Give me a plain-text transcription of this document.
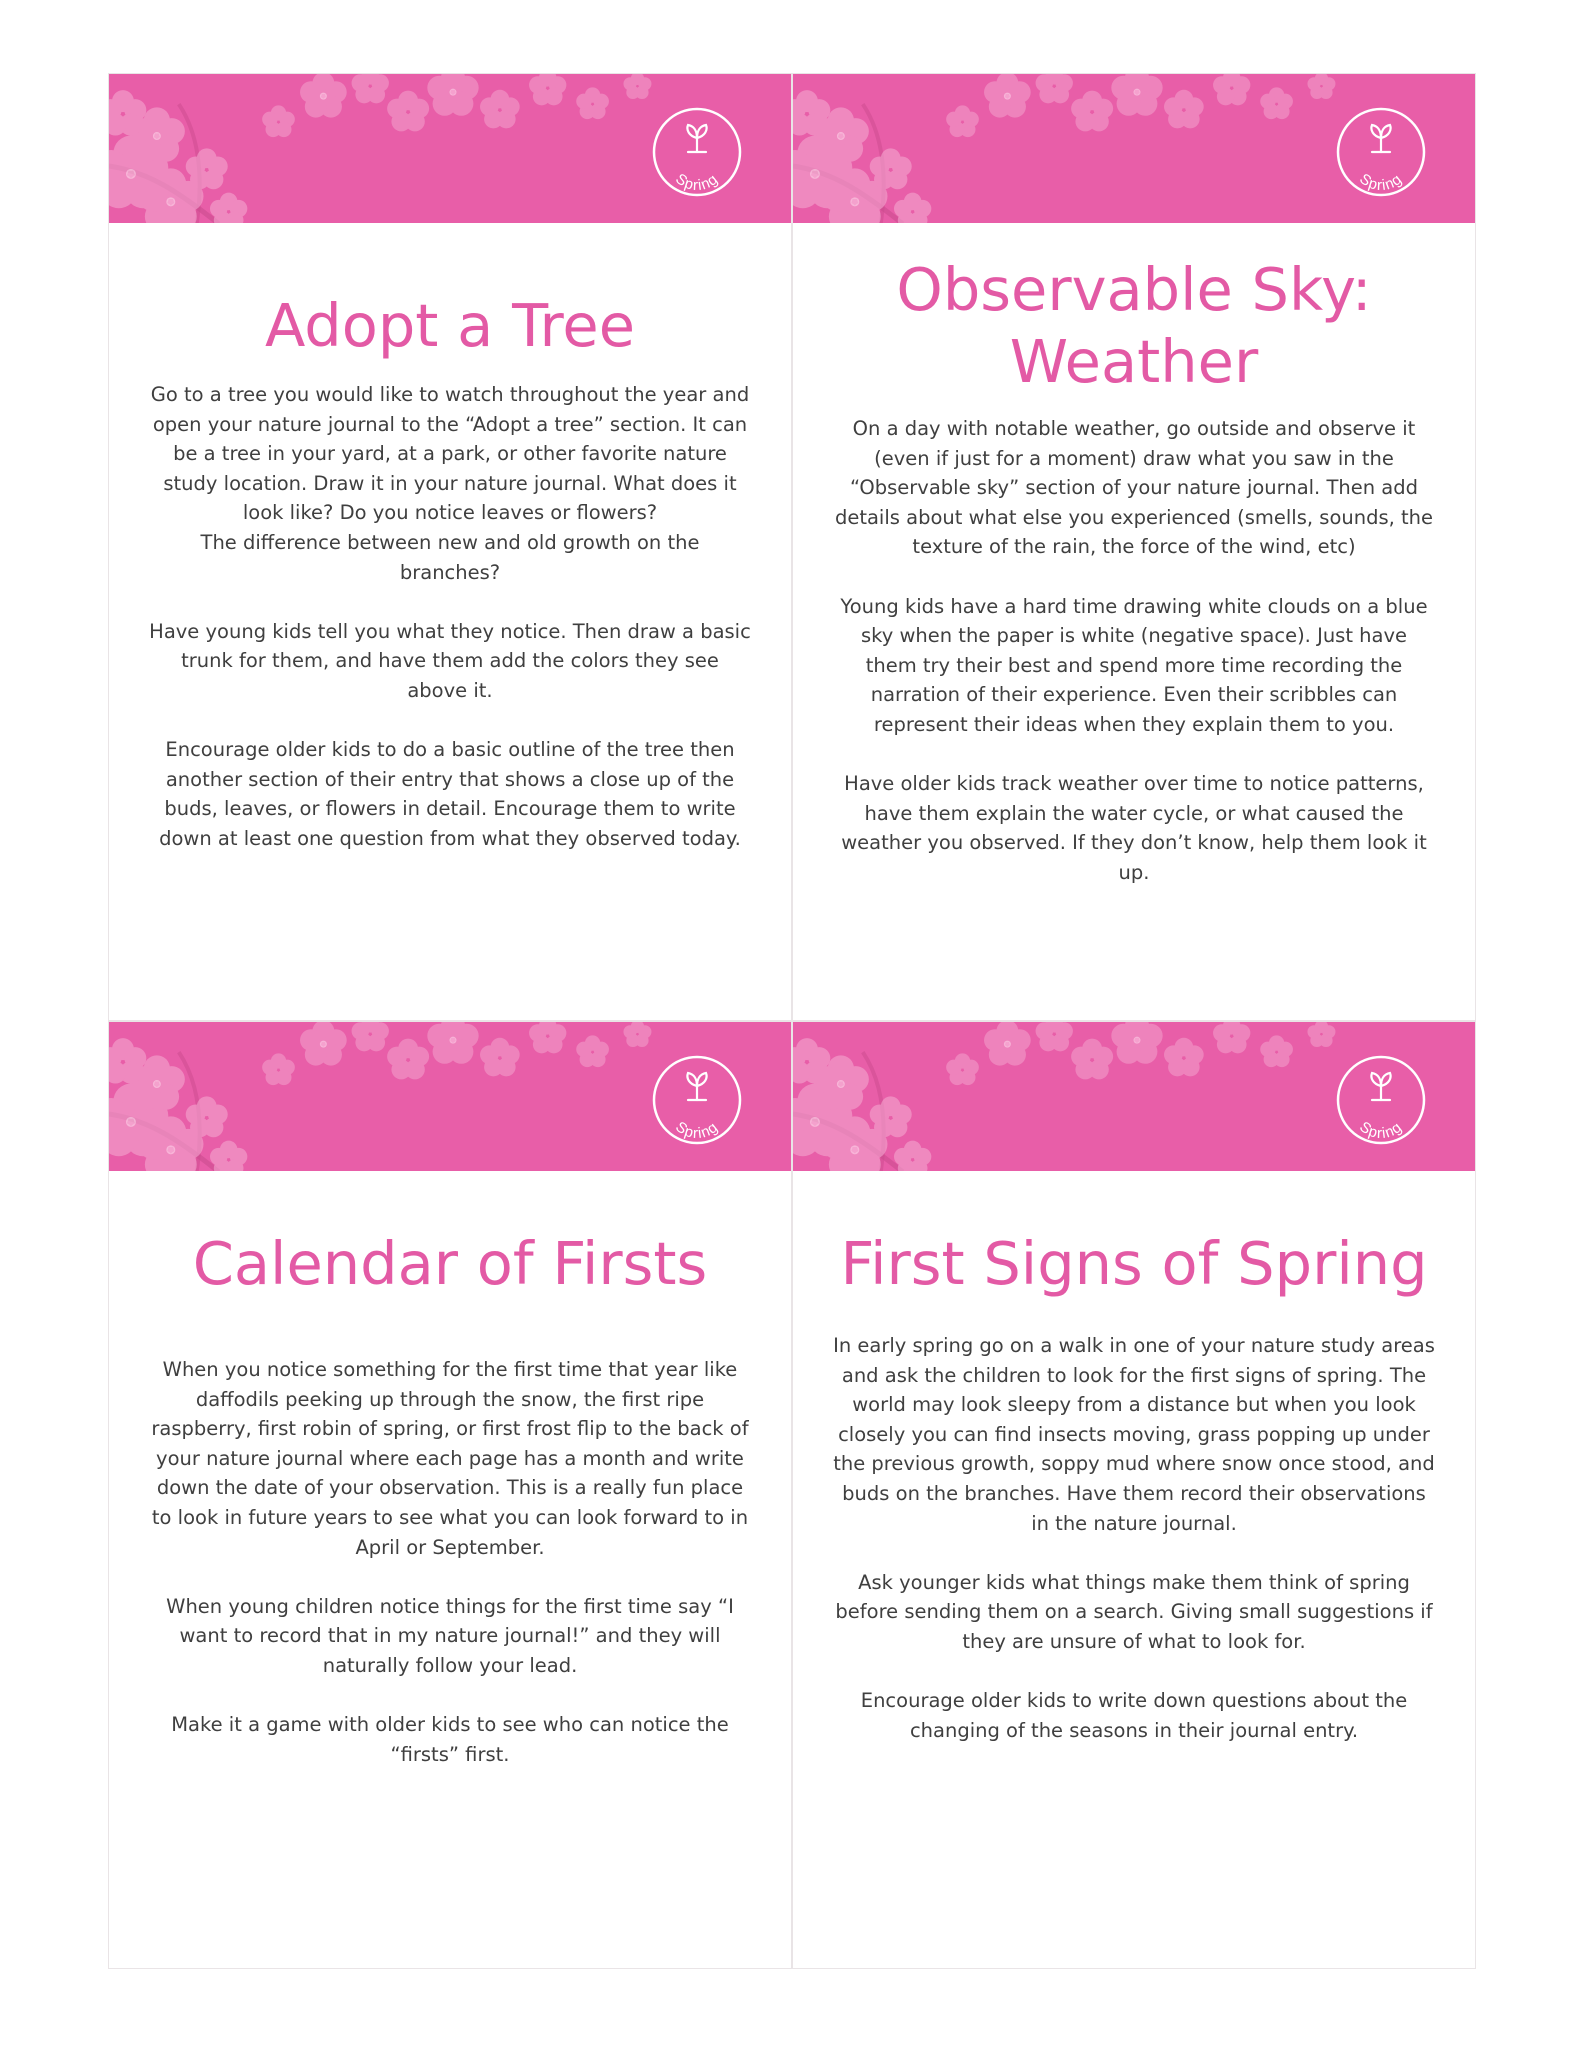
Spring
Adopt a Tree

Go to a tree you would like to watch throughout the year and open your nature journal to the “Adopt a tree” section. It can be a tree in your yard, at a park, or other favorite nature study location. Draw it in your nature journal. What does it look like? Do you notice leaves or flowers?

The difference between new and old growth on the branches?

Have young kids tell you what they notice. Then draw a basic trunk for them, and have them add the colors they see above it.

Encourage older kids to do a basic outline of the tree then another section of their entry that shows a close up of the buds, leaves, or flowers in detail. Encourage them to write down at least one question from what they observed today.

Spring
Observable Sky:
Weather

On a day with notable weather, go outside and observe it (even if just for a moment) draw what you saw in the “Observable sky” section of your nature journal. Then add details about what else you experienced (smells, sounds, the texture of the rain, the force of the wind, etc)

Young kids have a hard time drawing white clouds on a blue sky when the paper is white (negative space). Just have them try their best and spend more time recording the narration of their experience. Even their scribbles can represent their ideas when they explain them to you.

Have older kids track weather over time to notice patterns, have them explain the water cycle, or what caused the weather you observed. If they don’t know, help them look it up.

Spring
Calendar of Firsts

When you notice something for the first time that year like daffodils peeking up through the snow, the first ripe raspberry, first robin of spring, or first frost flip to the back of your nature journal where each page has a month and write down the date of your observation. This is a really fun place to look in future years to see what you can look forward to in April or September.

When young children notice things for the first time say “I want to record that in my nature journal!” and they will naturally follow your lead.

Make it a game with older kids to see who can notice the “firsts” first.

Spring
First Signs of Spring

In early spring go on a walk in one of your nature study areas and ask the children to look for the first signs of spring. The world may look sleepy from a distance but when you look closely you can find insects moving, grass popping up under the previous growth, soppy mud where snow once stood, and buds on the branches. Have them record their observations in the nature journal.

Ask younger kids what things make them think of spring before sending them on a search. Giving small suggestions if they are unsure of what to look for.

Encourage older kids to write down questions about the changing of the seasons in their journal entry.
